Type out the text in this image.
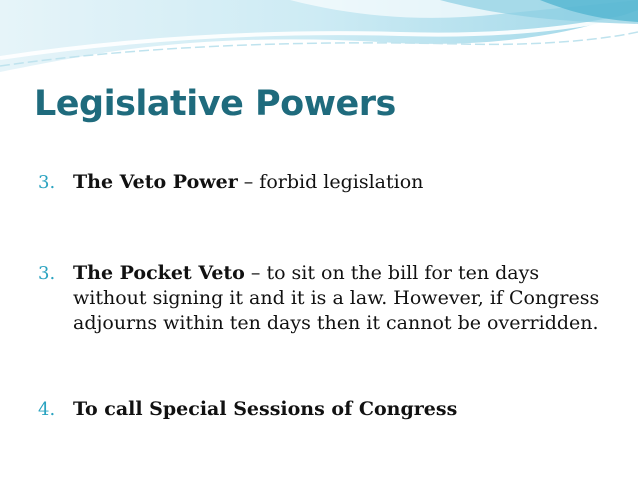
Legislative Powers
3. The Veto Power – forbid legislation
3. The Pocket Veto – to sit on the bill for ten days without signing it and it is a law. However, if Congress adjourns within ten days then it cannot be overridden.
4. To call Special Sessions of Congress
